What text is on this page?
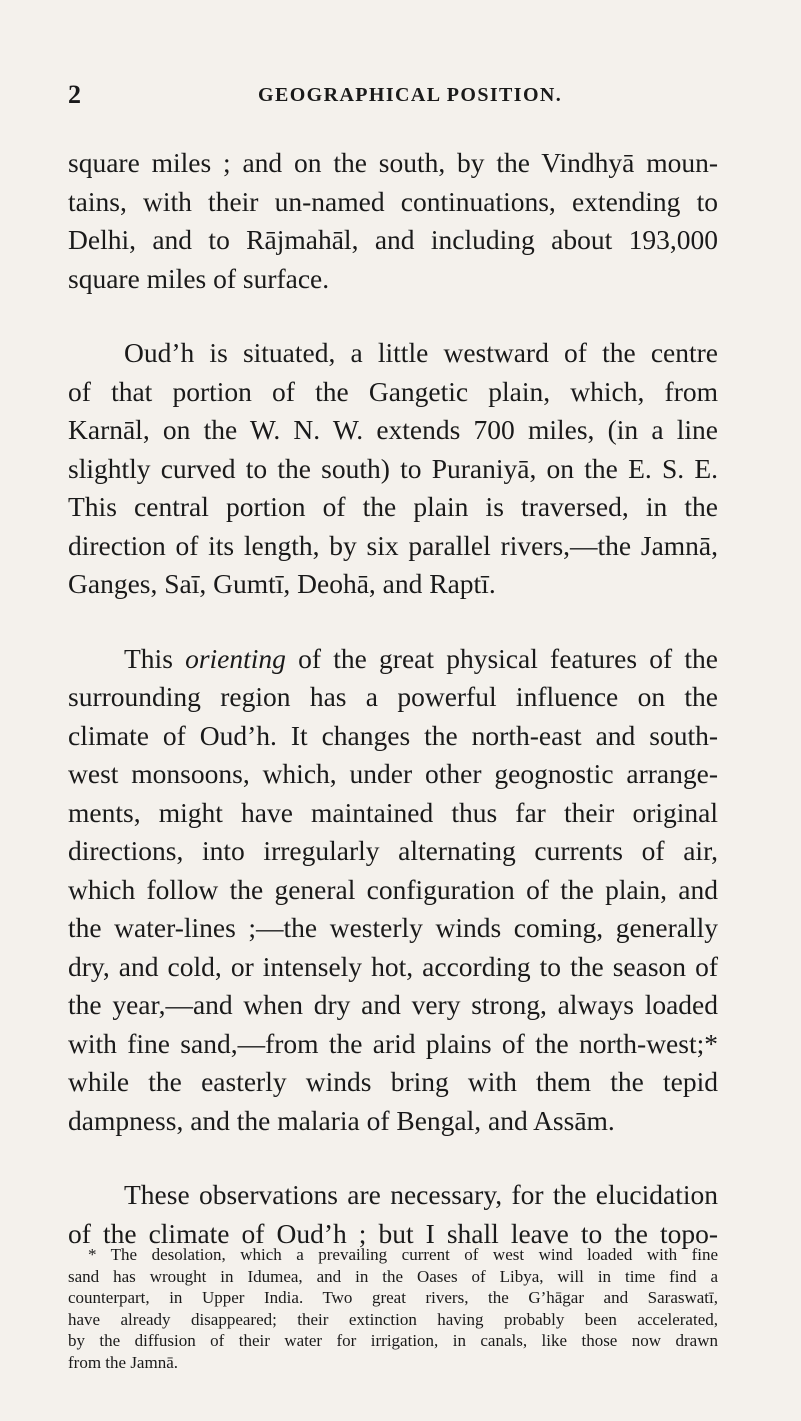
2	GEOGRAPHICAL POSITION.
square miles ; and on the south, by the Vindhyā moun-
tains, with their un-named continuations, extending to
Delhi, and to Rājmahāl, and including about 193,000
square miles of surface.
Oud’h is situated, a little westward of the centre
of that portion of the Gangetic plain, which, from
Karnāl, on the W. N. W. extends 700 miles, (in a line
slightly curved to the south) to Puraniyā, on the E. S. E.
This central portion of the plain is traversed, in the
direction of its length, by six parallel rivers,—the Jamnā,
Ganges, Saī, Gumtī, Deohā, and Raptī.
This orienting of the great physical features of the
surrounding region has a powerful influence on the
climate of Oud’h. It changes the north-east and south-
west monsoons, which, under other geognostic arrange-
ments, might have maintained thus far their original
directions, into irregularly alternating currents of air,
which follow the general configuration of the plain, and
the water-lines ;—the westerly winds coming, generally
dry, and cold, or intensely hot, according to the season of
the year,—and when dry and very strong, always loaded
with fine sand,—from the arid plains of the north-west;*
while the easterly winds bring with them the tepid
dampness, and the malaria of Bengal, and Assām.
These observations are necessary, for the elucidation
of the climate of Oud’h ; but I shall leave to the topo-
* The desolation, which a prevailing current of west wind loaded with fine
sand has wrought in Idumea, and in the Oases of Libya, will in time find a
counterpart, in Upper India. Two great rivers, the G’hāgar and Saraswatī,
have already disappeared; their extinction having probably been accelerated,
by the diffusion of their water for irrigation, in canals, like those now drawn
from the Jamnā.
